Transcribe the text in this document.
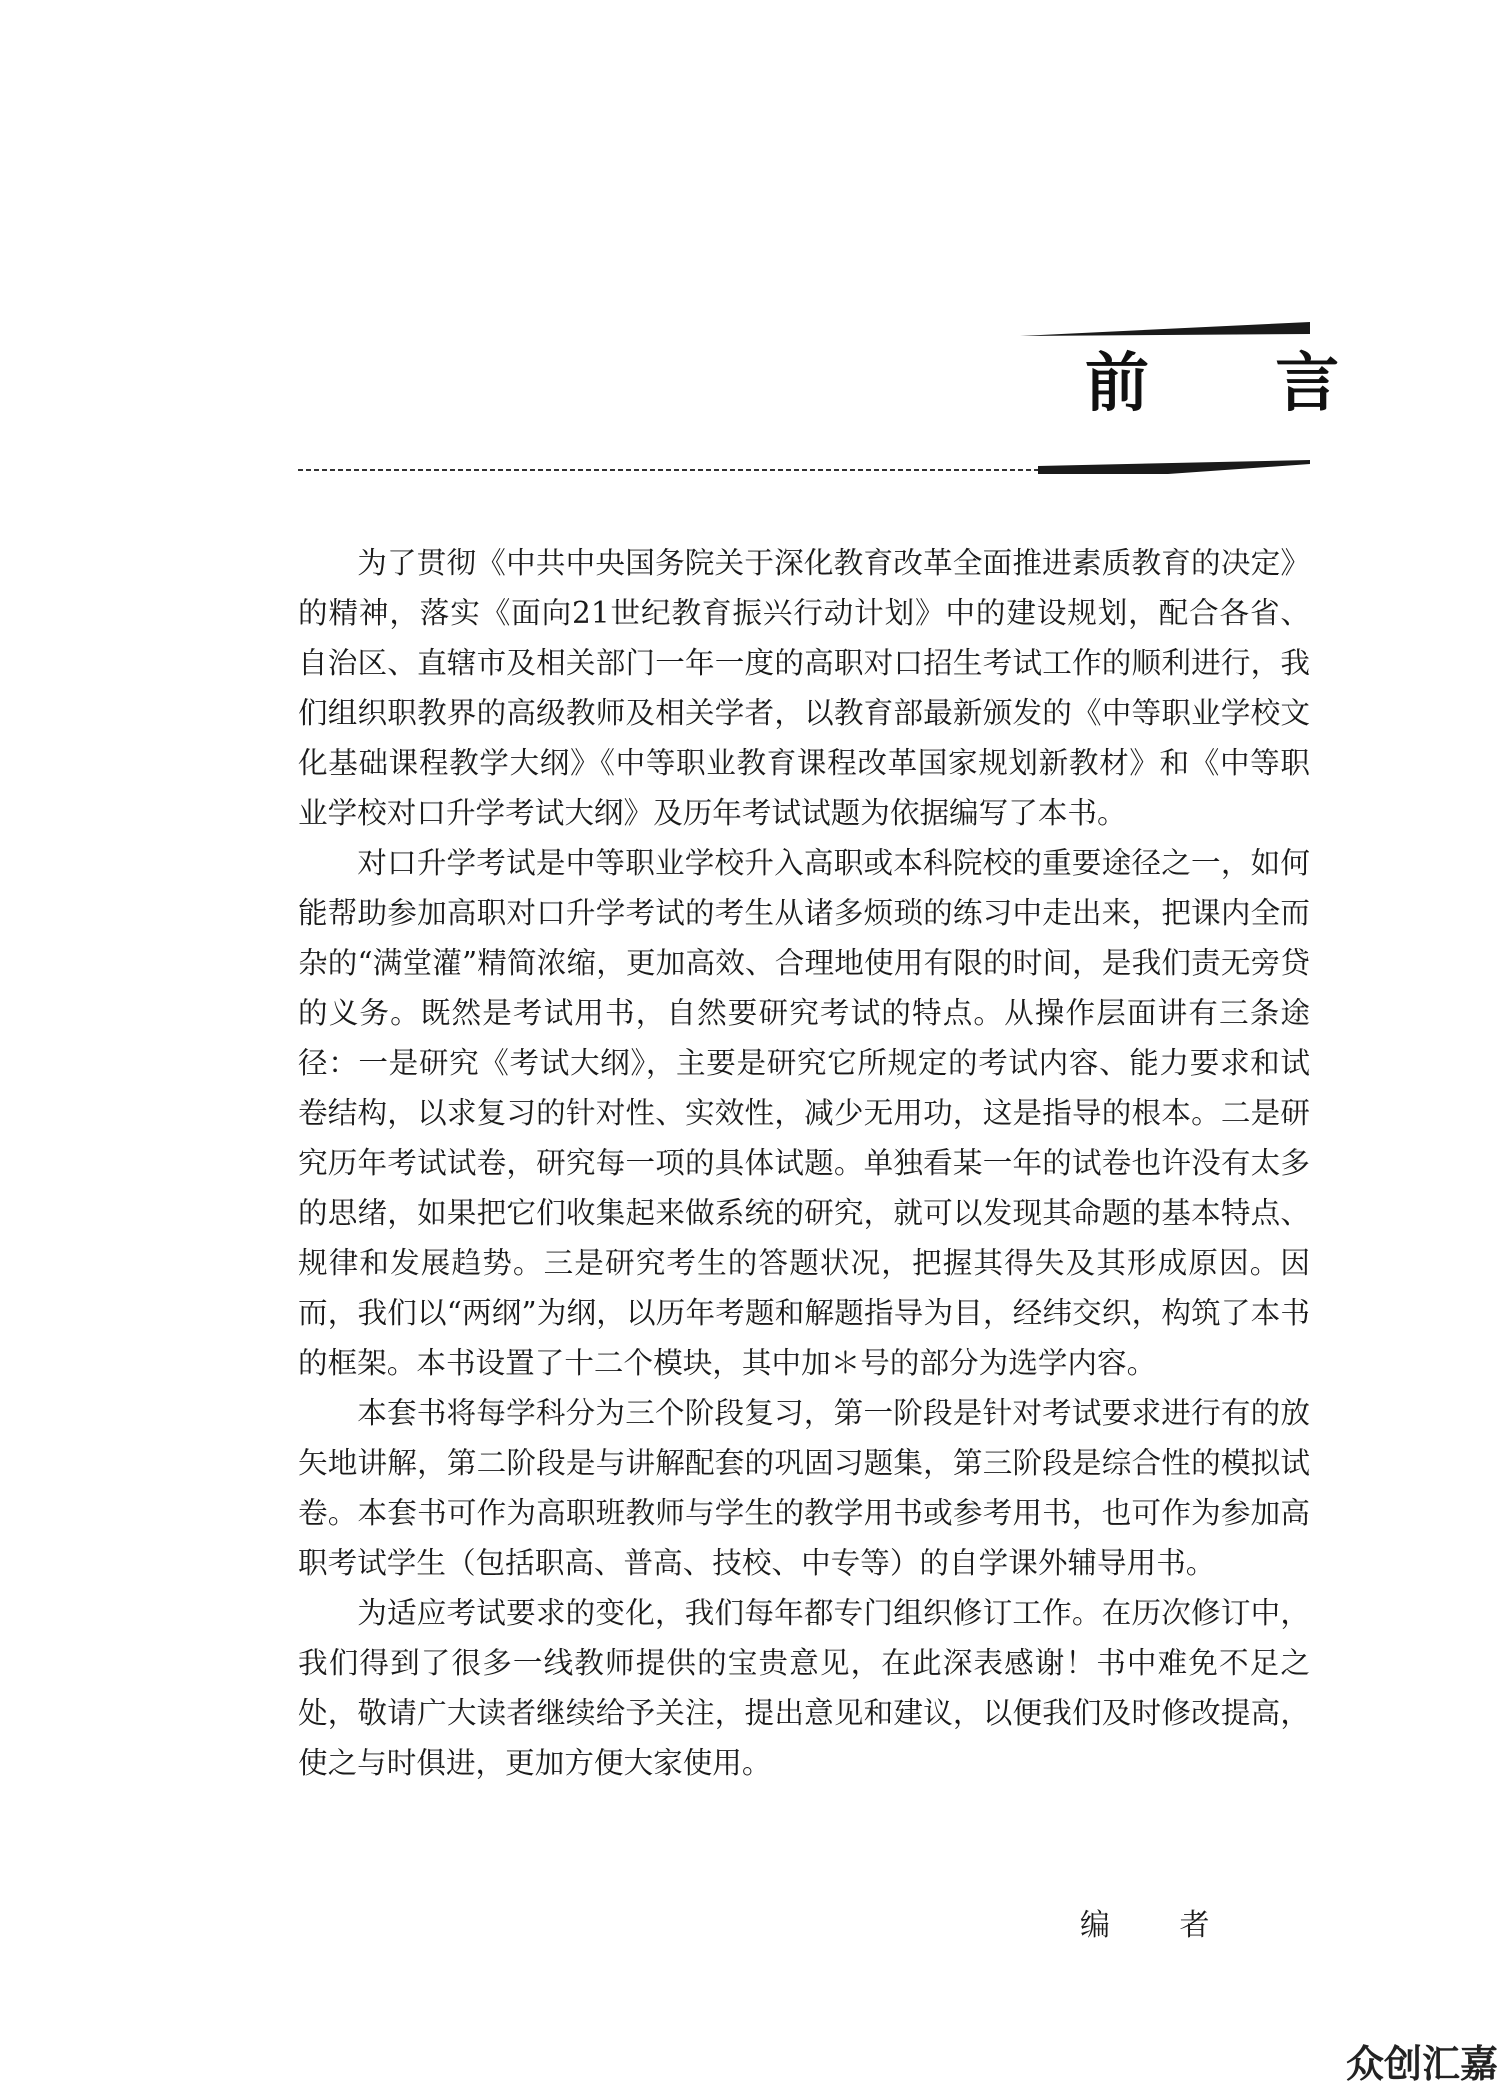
前 言

为了贯彻《中共中央国务院关于深化教育改革全面推进素质教育的决定》的精神，落实《面向21世纪教育振兴行动计划》中的建设规划，配合各省、自治区、直辖市及相关部门一年一度的高职对口招生考试工作的顺利进行，我们组织职教界的高级教师及相关学者，以教育部最新颁发的《中等职业学校文化基础课程教学大纲》《中等职业教育课程改革国家规划新教材》和《中等职业学校对口升学考试大纲》及历年考试试题为依据编写了本书。

对口升学考试是中等职业学校升入高职或本科院校的重要途径之一，如何能帮助参加高职对口升学考试的考生从诸多烦琐的练习中走出来，把课内全而杂的“满堂灌”精简浓缩，更加高效、合理地使用有限的时间，是我们责无旁贷的义务。既然是考试用书，自然要研究考试的特点。从操作层面讲有三条途径：一是研究《考试大纲》，主要是研究它所规定的考试内容、能力要求和试卷结构，以求复习的针对性、实效性，减少无用功，这是指导的根本。二是研究历年考试试卷，研究每一项的具体试题。单独看某一年的试卷也许没有太多的思绪，如果把它们收集起来做系统的研究，就可以发现其命题的基本特点、规律和发展趋势。三是研究考生的答题状况，把握其得失及其形成原因。因而，我们以“两纲”为纲，以历年考题和解题指导为目，经纬交织，构筑了本书的框架。本书设置了十二个模块，其中加＊号的部分为选学内容。

本套书将每学科分为三个阶段复习，第一阶段是针对考试要求进行有的放矢地讲解，第二阶段是与讲解配套的巩固习题集，第三阶段是综合性的模拟试卷。本套书可作为高职班教师与学生的教学用书或参考用书，也可作为参加高职考试学生（包括职高、普高、技校、中专等）的自学课外辅导用书。

为适应考试要求的变化，我们每年都专门组织修订工作。在历次修订中，我们得到了很多一线教师提供的宝贵意见，在此深表感谢！书中难免不足之处，敬请广大读者继续给予关注，提出意见和建议，以便我们及时修改提高，使之与时俱进，更加方便大家使用。

编 者
众创汇嘉
